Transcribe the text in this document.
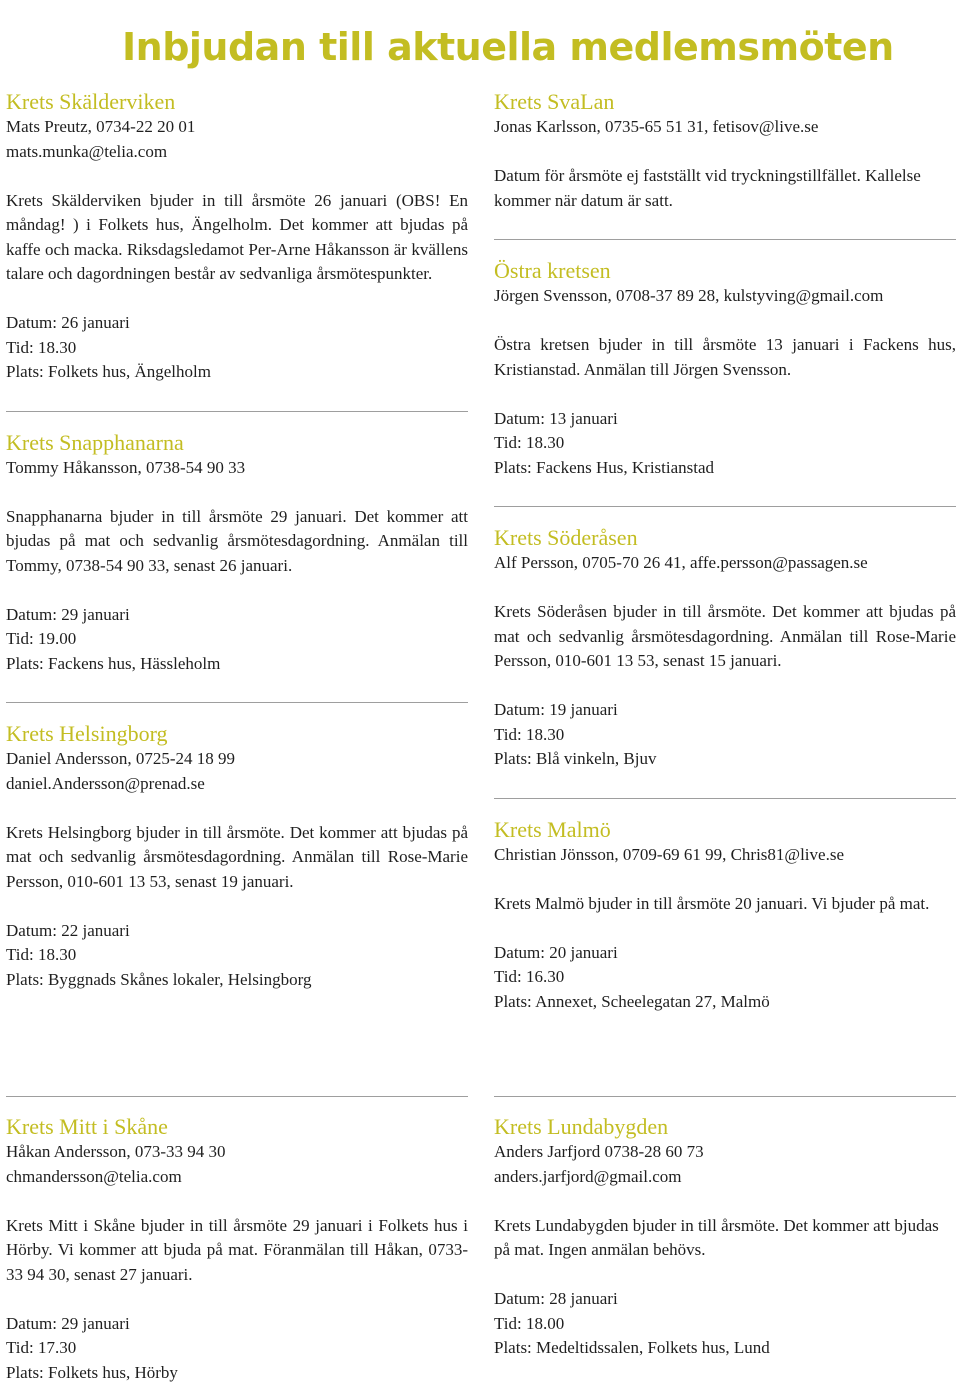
Inbjudan till aktuella medlemsmöten
Krets Skälderviken

Mats Preutz, 0734-22 20 01
mats.munka@telia.com

Krets Skälderviken bjuder in till årsmöte 26 januari (OBS! En måndag! ) i Folkets hus, Ängelholm. Det kommer att bjudas på kaffe och macka. Riksdagsledamot Per-Arne Håkansson är kvällens talare och dagordningen består av sedvanliga årsmötespunkter.

Datum: 26 januari
Tid: 18.30
Plats: Folkets hus, Ängelholm

Krets Snapphanarna

Tommy Håkansson, 0738-54 90 33

Snapphanarna bjuder in till årsmöte 29 januari. Det kommer att bjudas på mat och sedvanlig årsmötesdagordning. Anmälan till Tommy, 0738-54 90 33, senast 26 januari.

Datum: 29 januari
Tid: 19.00
Plats: Fackens hus, Hässleholm

Krets Helsingborg

Daniel Andersson, 0725-24 18 99
daniel.Andersson@prenad.se

Krets Helsingborg bjuder in till årsmöte. Det kommer att bjudas på mat och sedvanlig årsmötesdagordning. Anmälan till Rose-Marie Persson, 010-601 13 53, senast 19 januari.

Datum: 22 januari
Tid: 18.30
Plats: Byggnads Skånes lokaler, Helsingborg

Krets SvaLan

Jonas Karlsson, 0735-65 51 31, fetisov@live.se

Datum för årsmöte ej fastställt vid tryckningstillfället. Kallelse kommer när datum är satt.

Östra kretsen

Jörgen Svensson, 0708-37 89 28, kulstyving@gmail.com

Östra kretsen bjuder in till årsmöte 13 januari i Fackens hus, Kristianstad. Anmälan till Jörgen Svensson.

Datum: 13 januari
Tid: 18.30
Plats: Fackens Hus, Kristianstad

Krets Söderåsen

Alf Persson, 0705-70 26 41, affe.persson@passagen.se

Krets Söderåsen bjuder in till årsmöte. Det kommer att bjudas på mat och sedvanlig årsmötesdagordning. Anmälan till Rose-Marie Persson, 010-601 13 53, senast 15 januari.

Datum: 19 januari
Tid: 18.30
Plats: Blå vinkeln, Bjuv

Krets Malmö

Christian Jönsson, 0709-69 61 99, Chris81@live.se

Krets Malmö bjuder in till årsmöte 20 januari. Vi bjuder på mat.

Datum: 20 januari
Tid: 16.30
Plats: Annexet, Scheelegatan 27, Malmö

Krets Mitt i Skåne

Håkan Andersson, 073-33 94 30
chmandersson@telia.com

Krets Mitt i Skåne bjuder in till årsmöte 29 januari i Folkets hus i Hörby. Vi kommer att bjuda på mat. Föranmälan till Håkan, 0733-33 94 30, senast 27 januari.

Datum: 29 januari
Tid: 17.30
Plats: Folkets hus, Hörby

Krets Lundabygden

Anders Jarfjord 0738-28 60 73
anders.jarfjord@gmail.com

Krets Lundabygden bjuder in till årsmöte. Det kommer att bjudas på mat. Ingen anmälan behövs.

Datum: 28 januari
Tid: 18.00
Plats: Medeltidssalen, Folkets hus, Lund
